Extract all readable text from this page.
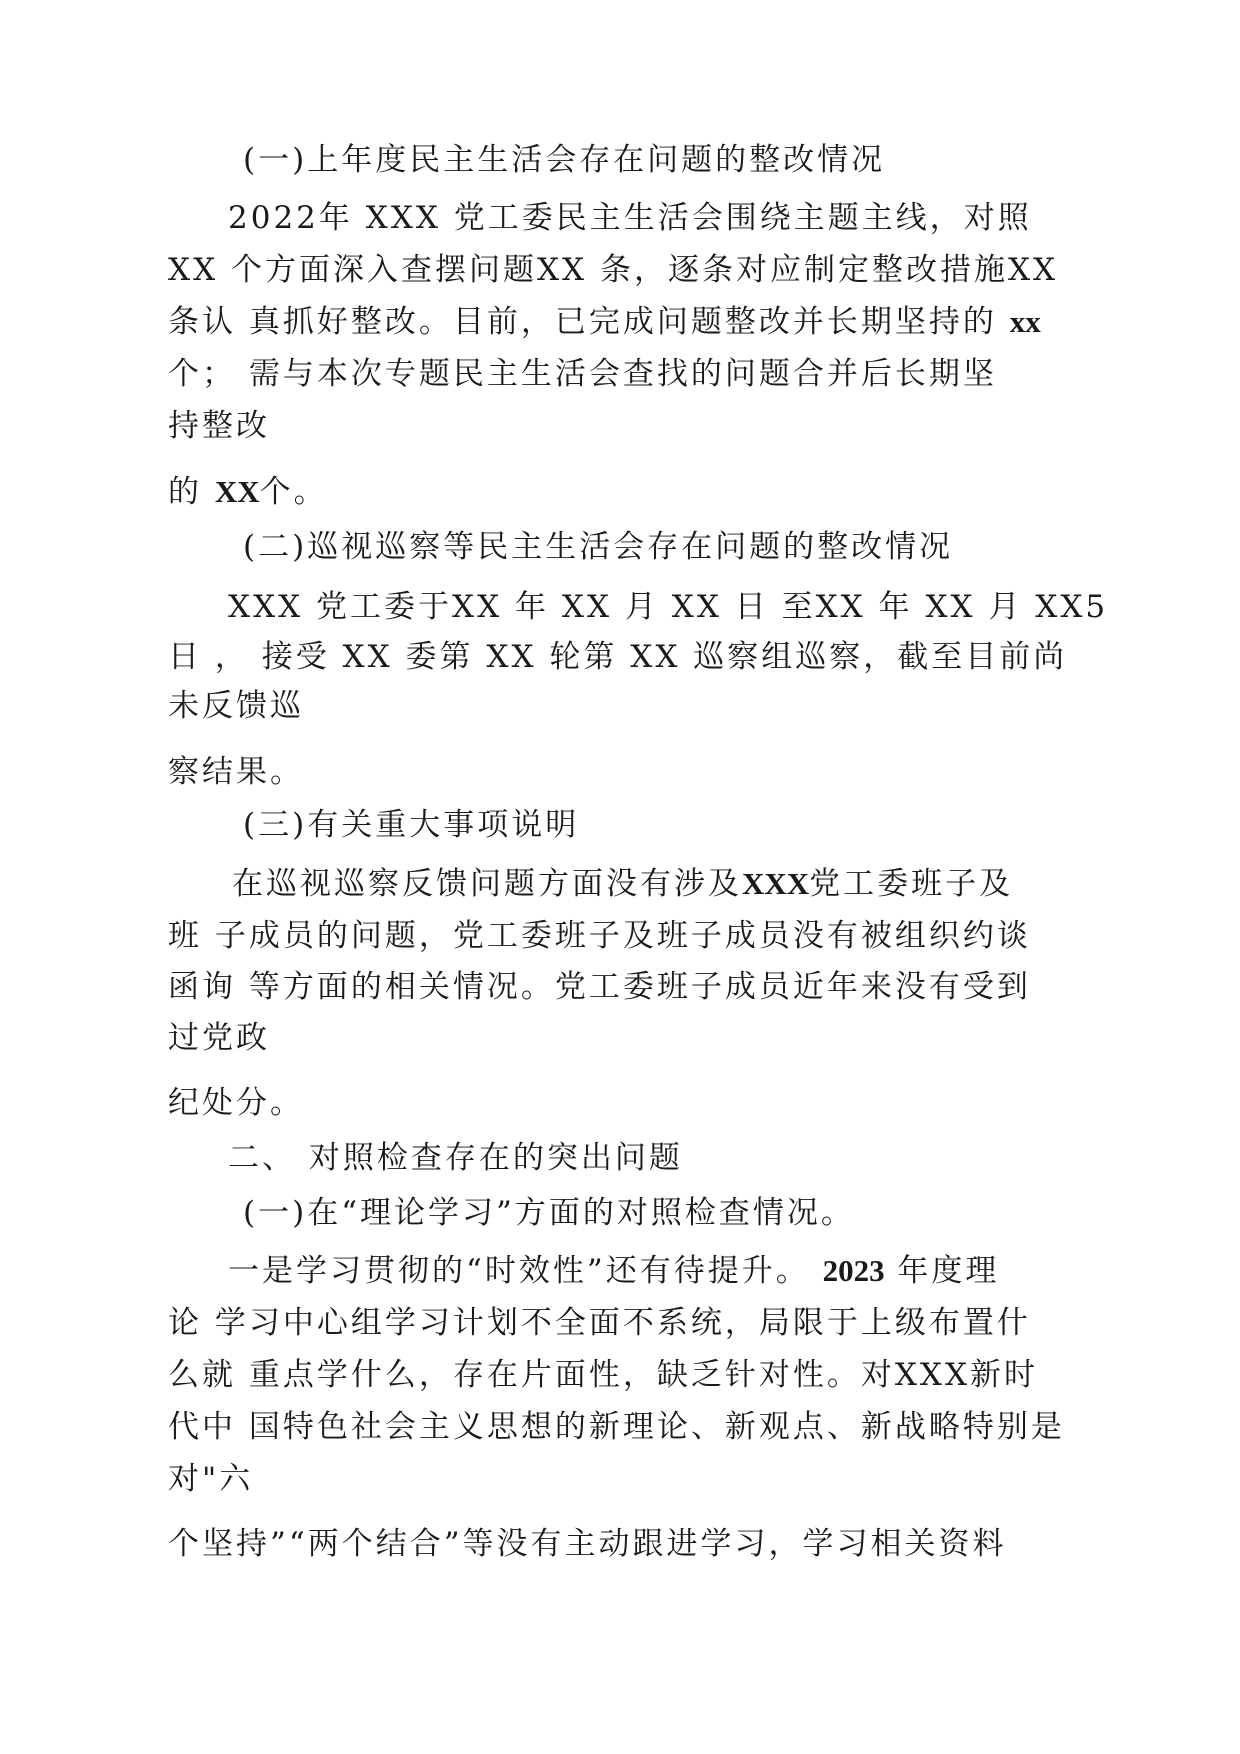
(一)上年度民主生活会存在问题的整改情况
2022年 XXX 党工委民主生活会围绕主题主线，对照
XX 个方面深入查摆问题XX 条，逐条对应制定整改措施XX
条认 真抓好整改。目前，已完成问题整改并长期坚持的 xx
个； 需与本次专题民主生活会查找的问题合并后长期坚
持整改
的 XX个。
(二)巡视巡察等民主生活会存在问题的整改情况
XXX 党工委于XX 年 XX 月 XX 日 至XX 年 XX 月 XX5
日 ， 接受 XX 委第 XX 轮第 XX 巡察组巡察，截至目前尚
未反馈巡
察结果。
(三)有关重大事项说明
在巡视巡察反馈问题方面没有涉及XXX党工委班子及
班 子成员的问题，党工委班子及班子成员没有被组织约谈
函询 等方面的相关情况。党工委班子成员近年来没有受到
过党政
纪处分。
二、 对照检查存在的突出问题
(一)在“理论学习”方面的对照检查情况。
一是学习贯彻的“时效性”还有待提升。 2023 年度理
论 学习中心组学习计划不全面不系统，局限于上级布置什
么就 重点学什么，存在片面性，缺乏针对性。对XXX新时
代中 国特色社会主义思想的新理论、新观点、新战略特别是
对"六
个坚持”“两个结合”等没有主动跟进学习，学习相关资料
